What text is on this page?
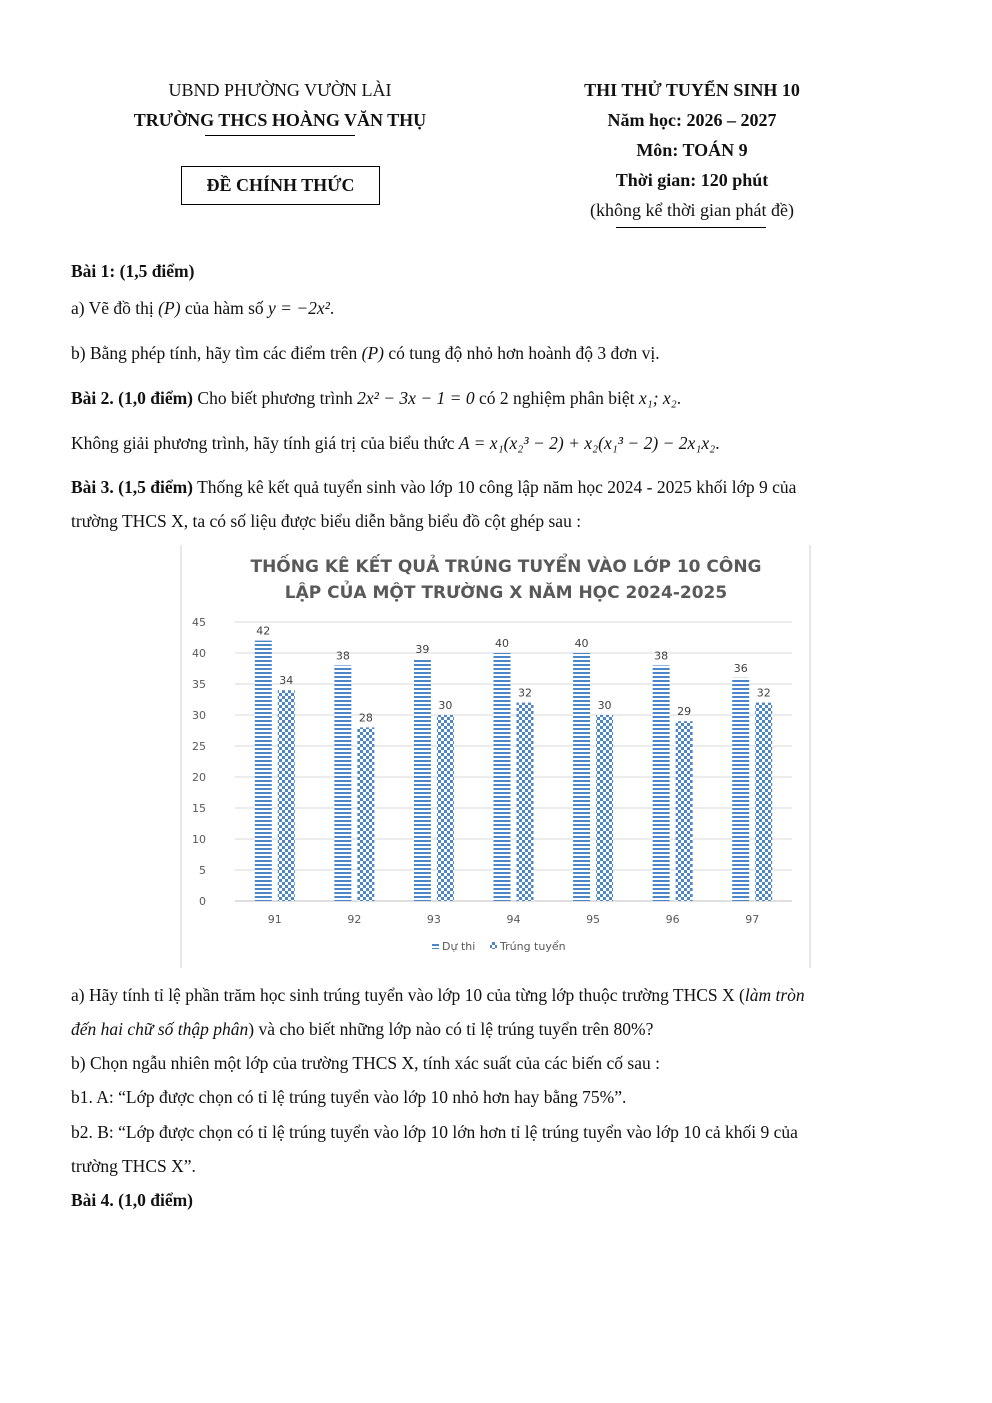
UBND PHƯỜNG VƯỜN LÀI
TRƯỜNG THCS HOÀNG VĂN THỤ
ĐỀ CHÍNH THỨC
THI THỬ TUYỂN SINH 10
Năm học: 2026 – 2027
Môn: TOÁN 9
Thời gian: 120 phút
(không kể thời gian phát đề)
Bài 1: (1,5 điểm)
a) Vẽ đồ thị (P) của hàm số y = −2x².
b) Bằng phép tính, hãy tìm các điểm trên (P) có tung độ nhỏ hơn hoành độ 3 đơn vị.
Bài 2. (1,0 điểm) Cho biết phương trình 2x² − 3x − 1 = 0 có 2 nghiệm phân biệt x₁; x₂.
Không giải phương trình, hãy tính giá trị của biểu thức A = x₁(x₂³ − 2) + x₂(x₁³ − 2) − 2x₁x₂.
Bài 3. (1,5 điểm) Thống kê kết quả tuyển sinh vào lớp 10 công lập năm học 2024 - 2025 khối lớp 9 của
trường THCS X, ta có số liệu được biểu diễn bằng biểu đồ cột ghép sau :
THỐNG KÊ KẾT QUẢ TRÚNG TUYỂN VÀO LỚP 10 CÔNG
LẬP CỦA MỘT TRƯỜNG X NĂM HỌC 2024-2025
0
5
10
15
20
25
30
35
40
45
42
34
91
38
28
92
39
30
93
40
32
94
40
30
95
38
29
96
36
32
97
Dự thi Trúng tuyển
a) Hãy tính tỉ lệ phần trăm học sinh trúng tuyển vào lớp 10 của từng lớp thuộc trường THCS X (làm tròn
đến hai chữ số thập phân) và cho biết những lớp nào có tỉ lệ trúng tuyển trên 80%?
b) Chọn ngẫu nhiên một lớp của trường THCS X, tính xác suất của các biến cố sau :
b1. A: “Lớp được chọn có tỉ lệ trúng tuyển vào lớp 10 nhỏ hơn hay bằng 75%”.
b2. B: “Lớp được chọn có tỉ lệ trúng tuyển vào lớp 10 lớn hơn tỉ lệ trúng tuyển vào lớp 10 cả khối 9 của
trường THCS X”.
Bài 4. (1,0 điểm)
